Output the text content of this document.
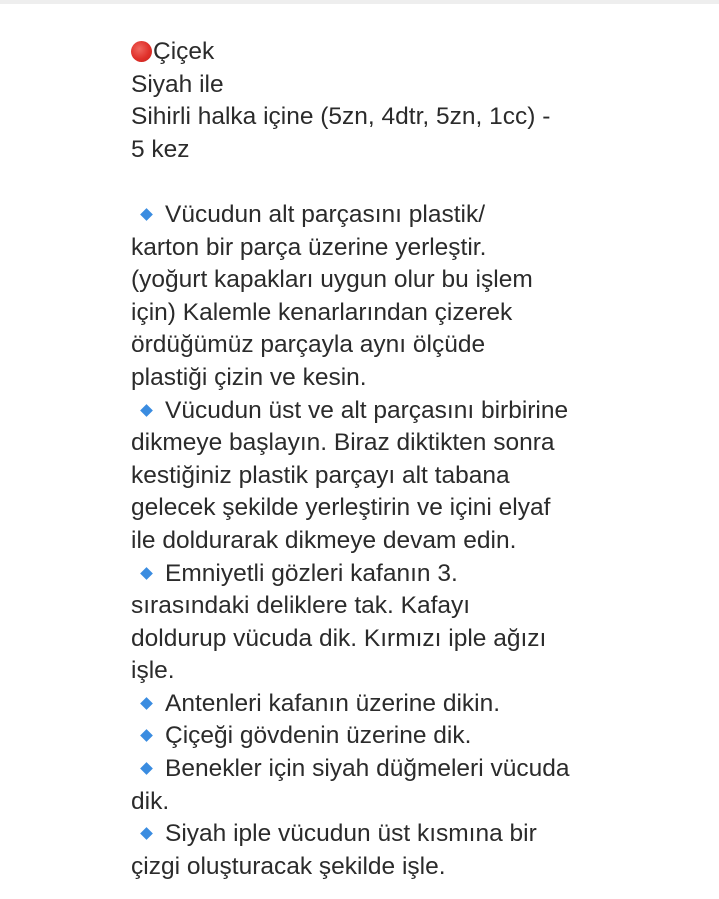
Çiçek
Siyah ile
Sihirli halka içine (5zn, 4dtr, 5zn, 1cc) -
5 kez
Vücudun alt parçasını plastik/
karton bir parça üzerine yerleştir.
(yoğurt kapakları uygun olur bu işlem
için) Kalemle kenarlarından çizerek
ördüğümüz parçayla aynı ölçüde
plastiği çizin ve kesin.
Vücudun üst ve alt parçasını birbirine
dikmeye başlayın. Biraz diktikten sonra
kestiğiniz plastik parçayı alt tabana
gelecek şekilde yerleştirin ve içini elyaf
ile doldurarak dikmeye devam edin.
Emniyetli gözleri kafanın 3.
sırasındaki deliklere tak. Kafayı
doldurup vücuda dik. Kırmızı iple ağızı
işle.
Antenleri kafanın üzerine dikin.
Çiçeği gövdenin üzerine dik.
Benekler için siyah düğmeleri vücuda
dik.
Siyah iple vücudun üst kısmına bir
çizgi oluşturacak şekilde işle.
